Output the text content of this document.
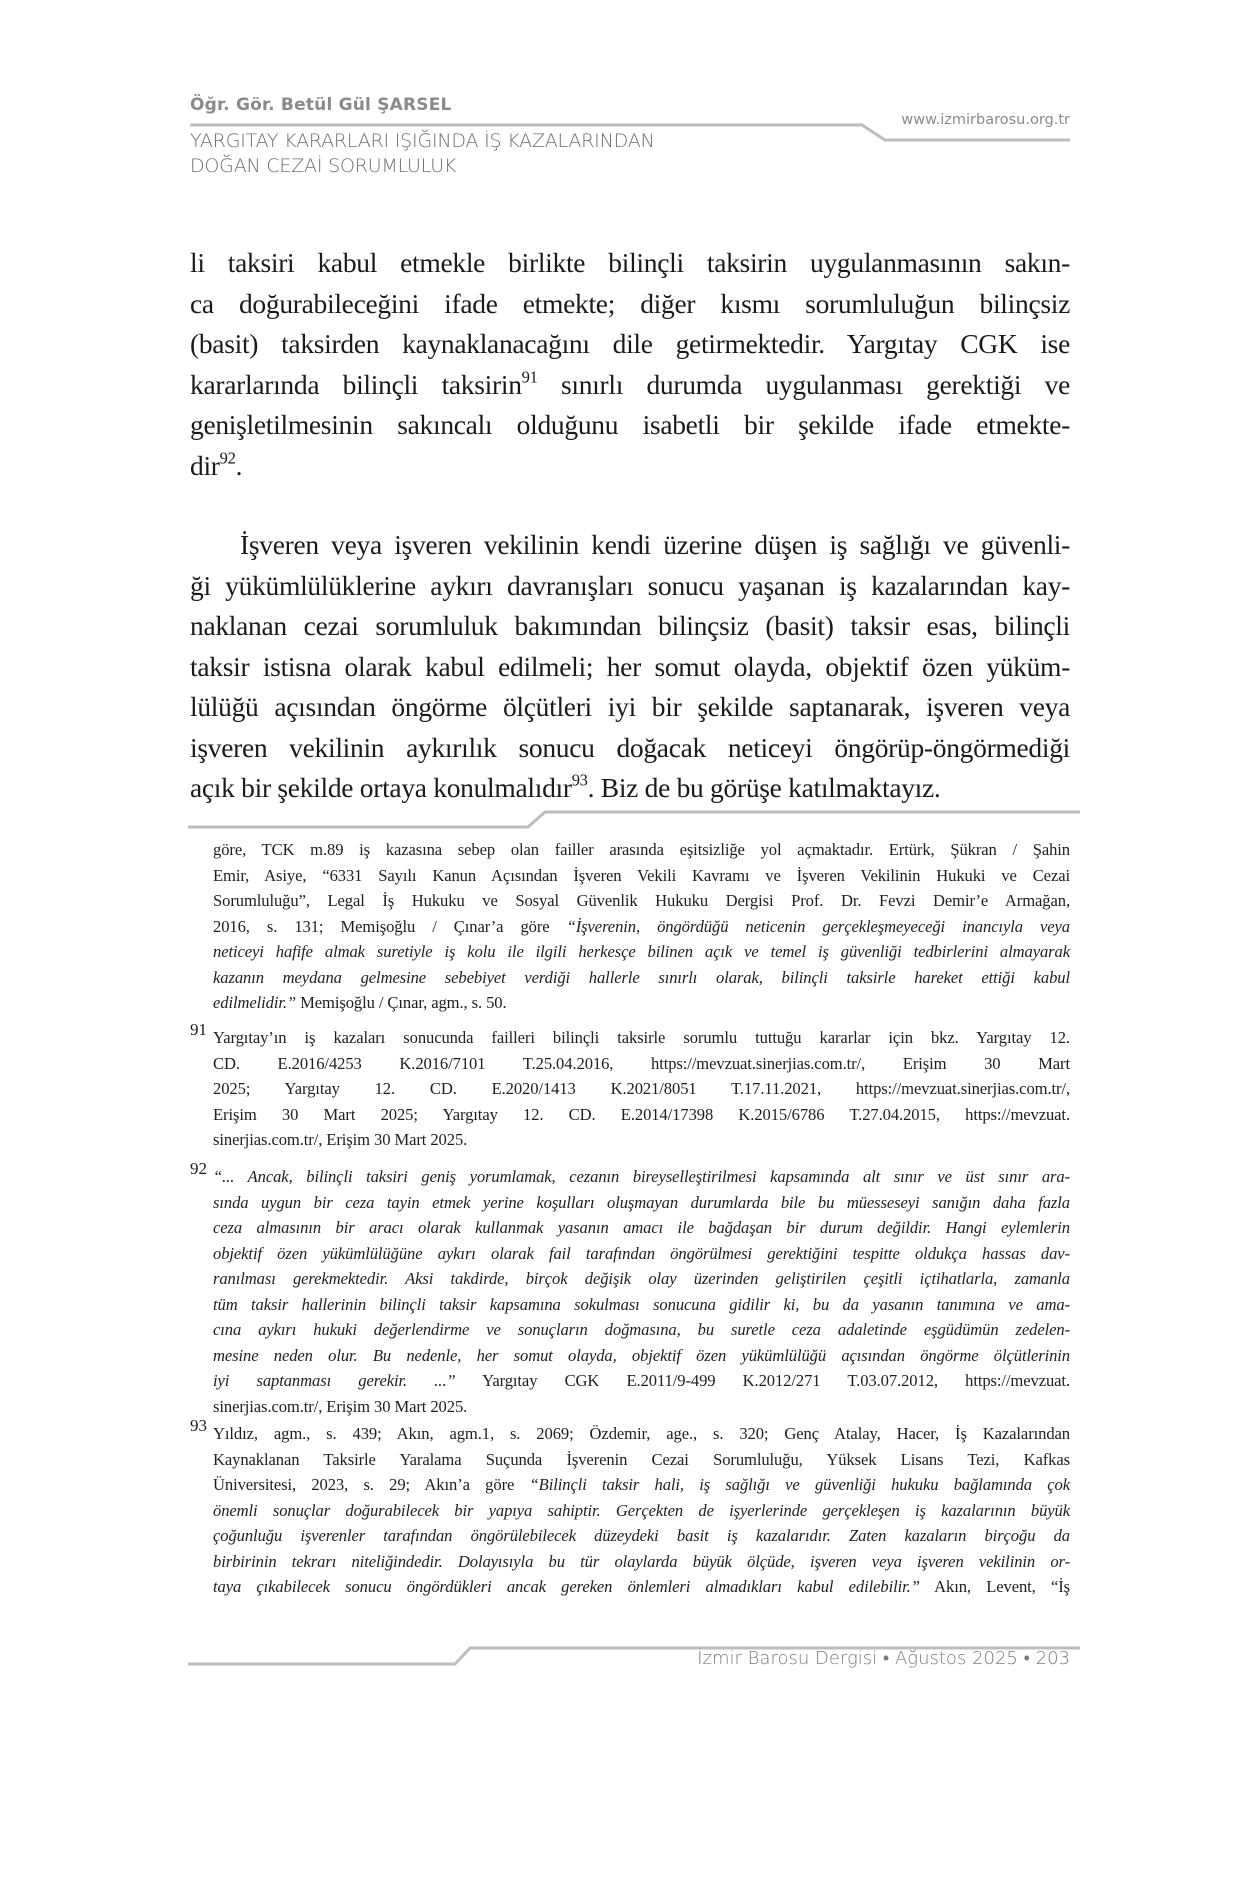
Öğr. Gör. Betül Gül ŞARSEL
www.izmirbarosu.org.tr
YARGITAY KARARLARI IŞIĞINDA İŞ KAZALARINDAN
DOĞAN CEZAİ SORUMLULUK
li taksiri kabul etmekle birlikte bilinçli taksirin uygulanmasının sakın-
ca doğurabileceğini ifade etmekte; diğer kısmı sorumluluğun bilinçsiz
(basit) taksirden kaynaklanacağını dile getirmektedir. Yargıtay CGK ise
kararlarında bilinçli taksirin$^{91}$ sınırlı durumda uygulanması gerektiği ve
genişletilmesinin sakıncalı olduğunu isabetli bir şekilde ifade etmekte-
dir$^{92}$.
İşveren veya işveren vekilinin kendi üzerine düşen iş sağlığı ve güvenli-
ği yükümlülüklerine aykırı davranışları sonucu yaşanan iş kazalarından kay-
naklanan cezai sorumluluk bakımından bilinçsiz (basit) taksir esas, bilinçli
taksir istisna olarak kabul edilmeli; her somut olayda, objektif özen yüküm-
lülüğü açısından öngörme ölçütleri iyi bir şekilde saptanarak, işveren veya
işveren vekilinin aykırılık sonucu doğacak neticeyi öngörüp-öngörmediği
açık bir şekilde ortaya konulmalıdır$^{93}$. Biz de bu görüşe katılmaktayız.
göre, TCK m.89 iş kazasına sebep olan failler arasında eşitsizliğe yol açmaktadır. Ertürk, Şükran / Şahin
Emir, Asiye, “6331 Sayılı Kanun Açısından İşveren Vekili Kavramı ve İşveren Vekilinin Hukuki ve Cezai
Sorumluluğu”, Legal İş Hukuku ve Sosyal Güvenlik Hukuku Dergisi Prof. Dr. Fevzi Demir’e Armağan,
2016, s. 131; Memişoğlu / Çınar’a göre “İşverenin, öngördüğü neticenin gerçekleşmeyeceği inancıyla veya
neticeyi hafife almak suretiyle iş kolu ile ilgili herkesçe bilinen açık ve temel iş güvenliği tedbirlerini almayarak
kazanın meydana gelmesine sebebiyet verdiği hallerle sınırlı olarak, bilinçli taksirle hareket ettiği kabul
edilmelidir.” Memişoğlu / Çınar, agm., s. 50.
91 Yargıtay’ın iş kazaları sonucunda failleri bilinçli taksirle sorumlu tuttuğu kararlar için bkz. Yargıtay 12.
CD. E.2016/4253 K.2016/7101 T.25.04.2016, https://mevzuat.sinerjias.com.tr/, Erişim 30 Mart
2025; Yargıtay 12. CD. E.2020/1413 K.2021/8051 T.17.11.2021, https://mevzuat.sinerjias.com.tr/,
Erişim 30 Mart 2025; Yargıtay 12. CD. E.2014/17398 K.2015/6786 T.27.04.2015, https://mevzuat.
sinerjias.com.tr/, Erişim 30 Mart 2025.
92 “... Ancak, bilinçli taksiri geniş yorumlamak, cezanın bireyselleştirilmesi kapsamında alt sınır ve üst sınır ara-
sında uygun bir ceza tayin etmek yerine koşulları oluşmayan durumlarda bile bu müesseseyi sanığın daha fazla
ceza almasının bir aracı olarak kullanmak yasanın amacı ile bağdaşan bir durum değildir. Hangi eylemlerin
objektif özen yükümlülüğüne aykırı olarak fail tarafından öngörülmesi gerektiğini tespitte oldukça hassas dav-
ranılması gerekmektedir. Aksi takdirde, birçok değişik olay üzerinden geliştirilen çeşitli içtihatlarla, zamanla
tüm taksir hallerinin bilinçli taksir kapsamına sokulması sonucuna gidilir ki, bu da yasanın tanımına ve ama-
cına aykırı hukuki değerlendirme ve sonuçların doğmasına, bu suretle ceza adaletinde eşgüdümün zedelen-
mesine neden olur. Bu nedenle, her somut olayda, objektif özen yükümlülüğü açısından öngörme ölçütlerinin
iyi saptanması gerekir. ...” Yargıtay CGK E.2011/9-499 K.2012/271 T.03.07.2012, https://mevzuat.
sinerjias.com.tr/, Erişim 30 Mart 2025.
93 Yıldız, agm., s. 439; Akın, agm.1, s. 2069; Özdemir, age., s. 320; Genç Atalay, Hacer, İş Kazalarından
Kaynaklanan Taksirle Yaralama Suçunda İşverenin Cezai Sorumluluğu, Yüksek Lisans Tezi, Kafkas
Üniversitesi, 2023, s. 29; Akın’a göre “Bilinçli taksir hali, iş sağlığı ve güvenliği hukuku bağlamında çok
önemli sonuçlar doğurabilecek bir yapıya sahiptir. Gerçekten de işyerlerinde gerçekleşen iş kazalarının büyük
çoğunluğu işverenler tarafından öngörülebilecek düzeydeki basit iş kazalarıdır. Zaten kazaların birçoğu da
birbirinin tekrarı niteliğindedir. Dolayısıyla bu tür olaylarda büyük ölçüde, işveren veya işveren vekilinin or-
taya çıkabilecek sonucu öngördükleri ancak gereken önlemleri almadıkları kabul edilebilir.” Akın, Levent, “İş
İzmir Barosu Dergisi • Ağustos 2025 • 203
